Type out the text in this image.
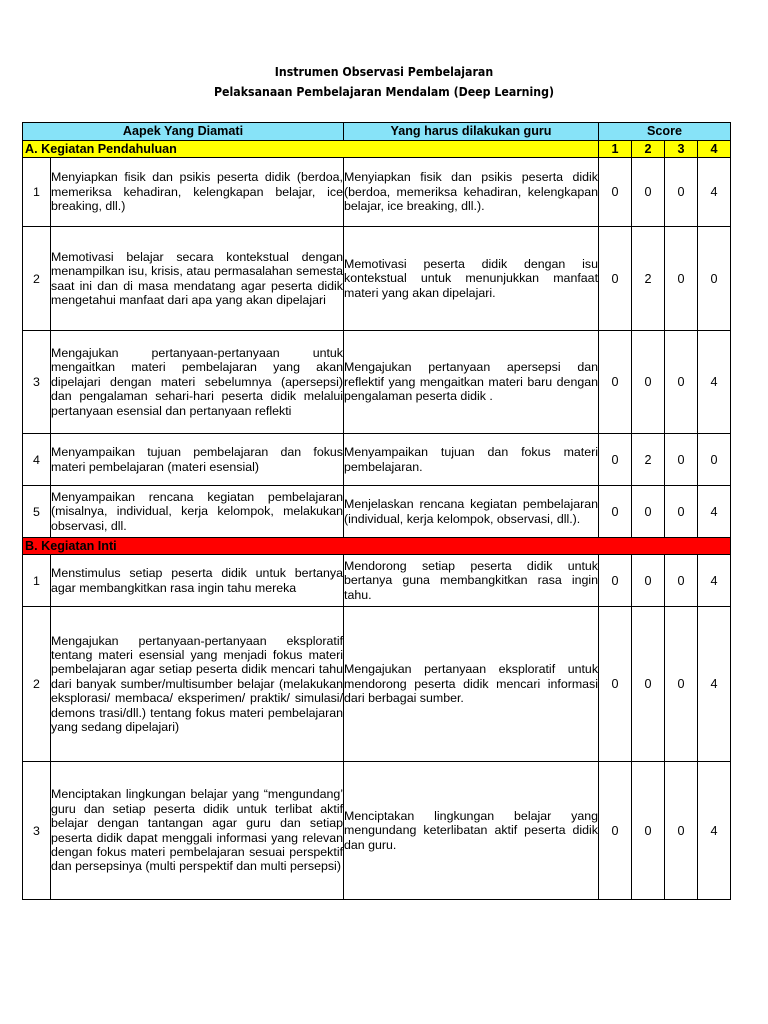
Instrumen Observasi Pembelajaran
Pelaksanaan Pembelajaran Mendalam (Deep Learning)
Aapek Yang Diamati		Yang harus dilakukan guru	Score			
A. Kegiatan Pendahuluan			1	2	3	4
1	Menyiapkan fisik dan psikis peserta didik (berdoa, memeriksa kehadiran, kelengkapan belajar, ice breaking, dll.)	Menyiapkan fisik dan psikis peserta didik (berdoa, memeriksa kehadiran, kelengkapan belajar, ice breaking, dll.).	0	0	0	4
2	Memotivasi belajar secara kontekstual dengan menampilkan isu, krisis, atau permasalahan semesta saat ini dan di masa mendatang agar peserta didik mengetahui manfaat dari apa yang akan dipelajari	Memotivasi peserta didik dengan isu kontekstual untuk menunjukkan manfaat materi yang akan dipelajari.	0	2	0	0
3	Mengajukan pertanyaan-pertanyaan untuk mengaitkan materi pembelajaran yang akan dipelajari dengan materi sebelumnya (apersepsi) dan pengalaman sehari-hari peserta didik melalui pertanyaan esensial dan pertanyaan reflekti	Mengajukan pertanyaan apersepsi dan reflektif yang mengaitkan materi baru dengan pengalaman peserta didik .	0	0	0	4
4	Menyampaikan tujuan pembelajaran dan fokus materi pembelajaran (materi esensial)	Menyampaikan tujuan dan fokus materi pembelajaran.	0	2	0	0
5	Menyampaikan rencana kegiatan pembelajaran (misalnya, individual, kerja kelompok, melakukan observasi, dll.	Menjelaskan rencana kegiatan pembelajaran (individual, kerja kelompok, observasi, dll.).	0	0	0	4
B. Kegiatan Inti						
1	Menstimulus setiap peserta didik untuk bertanya agar membangkitkan rasa ingin tahu mereka	Mendorong setiap peserta didik untuk bertanya guna membangkitkan rasa ingin tahu.	0	0	0	4
2	Mengajukan pertanyaan-pertanyaan eksploratif tentang materi esensial yang menjadi fokus materi pembelajaran agar setiap peserta didik mencari tahu dari banyak sumber/multisumber belajar (melakukan eksplorasi/ membaca/ eksperimen/ praktik/ simulasi/ demons trasi/dll.) tentang fokus materi pembelajaran yang sedang dipelajari)	Mengajukan pertanyaan eksploratif untuk mendorong peserta didik mencari informasi dari berbagai sumber.	0	0	0	4
3	Menciptakan lingkungan belajar yang “mengundang’ guru dan setiap peserta didik untuk terlibat aktif belajar dengan tantangan agar guru dan setiap peserta didik dapat menggali informasi yang relevan dengan fokus materi pembelajaran sesuai perspektif dan persepsinya (multi perspektif dan multi persepsi)	Menciptakan lingkungan belajar yang mengundang keterlibatan aktif peserta didik dan guru.	0	0	0	4
